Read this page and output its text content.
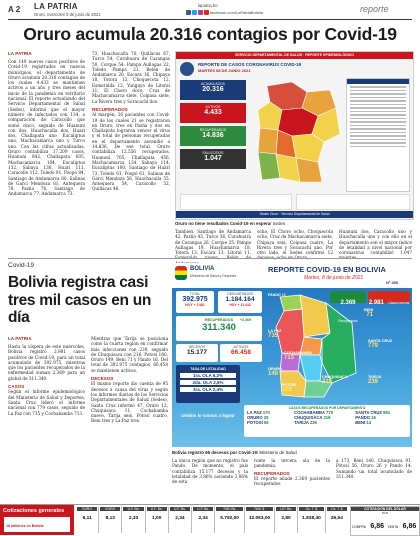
A 2 LA PATRIA
Oruro, miércoles 9 de junio de 2021
lapatria.bo
facebook.com/LaPatriaBolivia	reporte
Oruro acumula 20.316 contagios por Covid-19
LA PATRIA
Con 149 nuevos casos positivos de Covid-19 registrados en nuevas municipios, el departamento de Oruro acumula 20.316 contagios de los cuales 4.433 se mantienen activos a un año y tres meses del inicio de la pandemia en territorio nacional. El reporte actualizado del Servicio Departamental de Salud (Sedes), informó que el mayor número de infectados con 134, a comparación de Caracollo que sumó cinco, seguido de Huanuni con dos, Huachacalla dos, Huari dos, Challapata uno, Eucaliptus uno, Machacamarca uno y Turco uno. Con las cifras actualizadas, Oruro contabiliza 17.209 casos, Huanuni 842, Challapata 605, Machacamarca 164, Eucaliptus 132, Sabaya 130, Huari 111, Caracollo 112, Toledo 91, Poopó 84, Santiago de Andamarca 80, Salinas de Garci Mendoza 81, Antequera 78, Pazña 76, Santiago de Andamarca 77, Andamarca 73.
73, Huachacalla 70, Quillacas 67, Turco 54, Curahuara de Carangas 50, Corque 54, Pampa Aullagas 22, Toledo Pampa 21, Belén de Andamarca 20, Escara 16, Chipaya 18, Totora 13, Choquecota 12, Esmeralda 12, Yunguyo de Litoral 11, El Choro doce, Cruz de Machacamarca siete, Coipasa siete, La Rivera tres y Soracachi dos.
RECUPERADOS
Al margen, 26 pacientes con Covid-19 de los cuales 21 se registraron en Oruro, tres en Pazña y dos en Challapata lograron vencer el virus y el total de personas recuperadas en el departamento ascendió a 14.836. De ese total, Oruro contabiliza 12.556 recuperados, Huanuni 705, Challapata 456, Machacamarca 134, Sabaya 114, Eucaliptus 100, Santiago de Huari 73, Toledo 61, Poopó 61, Salinas de Garci Mendoza 56, Huachacalla 55, Antequera 54, Caracollo 52, Quillacas 48.
SERVICIO DEPARTAMENTAL DE SALUD · REPORTE EPIDEMIOLÓGICO
REPORTE DE CASOS CORONAVIRUS COVID-19
MARTES 08 DE JUNIO 2021
ACUMULADOS
20.316
ACTIVOS
4.433
RECUPERADOS
14.836
FALLECIDOS
1.047
Sedes Oruro · Servicio Departamental de Salud
Oruro no tiene resultados Covid-19 en espera/ Sedes
Tambien, Santiago de Andamarca 42, Pazña 43, Turco 36, Curahuara de Carangas 26, Corque 25, Pampa Aullagas 19, Huayllamarca 18, Totora 13, Escara 13, Litoral 11,
ocho, El Choro ocho, Choquecota ocho, Cruz de Machacamarca siete, Chipaya seis, Coipasa cuatro, La Rivera tres y Soracachi uno. Por otro lado, el Sedes confirmó 12
Huanuni dos, Caracollo uno y Huachacalla uno y con ello en el departamento son el mayor índice de letalidad a nivel nacional por coronavirus contabilizó 1.047
Covid-19
Bolivia registra casi tres mil casos en un día
LA PATRIA
Hasta la víspera de este miércoles, Bolivia registró 2.981 casos positivos de Covid-19, para un total acumulado de 392.975, mientras que los pacientes recuperados de la enfermedad suman 2.369 para un global de 311.340.
CASOS
Según el informe epidemiológico del Ministerio de Salud y Deportes, Santa Cruz lideró el informe nacional con 779 casos, seguido de La Paz con 735 y Cochabamba 713.
Mientras que Tarija se posiciona como la cuarta región en confirmar más infecciones con 239, seguido de Chuquisaca con 216, Potosí 160, Oruro 149, Beni 71 y Pando 16. Del total de 392.975 contagios, 66.458 se mantienen activos.
DECESOS
El mismo reporte dio cuenta de 95 decesos a causa del virus y según los informes diarios de los Servicios Departamentales de Salud (Sedes), Santa Cruz informó 47, Oruro 12, Chuquisaca 11, Cochabamba nueve, Tarija seis, Potosí cuatro, Beni tres y La Paz tres.
BOLIVIA
Ministerio de Salud y Deportes
REPORTE COVID-19 EN BOLIVIA
Martes, 8 de junio de 2021
Nº 450
TOTAL
392.975
HOY + 2.981
DESCARTADOS
1.184.164
HOY + 11.443
RECUPERADOS
311.340
+2.369
DECESOS
15.177
ACTIVOS
66.458
TASA DE LETALIDAD
1ra. OLA 6,2%
2da. OLA 2,6%
3ra. OLA 2,4%
2.369 Recuperados
2.981 Casos nuevos
PANDO 16
BENI
71
LA PAZ
735
COCHABAMBA
713
ORURO
149
SANTA CRUZ
779
POTOSÍ
160
CHUQUISACA
216
TARIJA
239
CASOS RECUPERADOS POR DEPARTAMENTO
LA PAZ 170	COCHABAMBA 779	SANTA CRUZ 981
ORURO 26	CHUQUISACA 216	PANDO 16
POTOSÍ 56	TARIJA 235	BENI 14
Unidos lo vamos a lograr
Bolivia registró 95 decesos por Covid-19/ Ministerio de Salud
La única región que no registró fue Pando. De momento, el país contabiliza 15.177 decesos y la letalidad de 3,86% asciende 3,86% de esta
ronte la tercera ola de la pandemia.
RECUPERADOS
El reporte añade 2.369 pacientes recuperados
a 173, Beni 140, Chuquisaca 91, Potosí 56, Oruro 26 y Pando 14. Sumando un total acumulado de 311.340.
Cotizaciones generales
18 millones en Bolivia
EURO
8,11
EURO
8,13
U.F. Bs.
2,33
U.F. Bs.
1,00
U.F. Bs.
2,34
U.F. Bs.
2,34
TMU Bs.
5.792,00
TMU $.
12.063,00
U.F. Bs.
2,80
Oz. T. $
1.838,40
Oz. T. $
26,54
COTIZACIÓN DEL DÓLAR
BCB
COMPRA 6,86	VENTA 6,86
